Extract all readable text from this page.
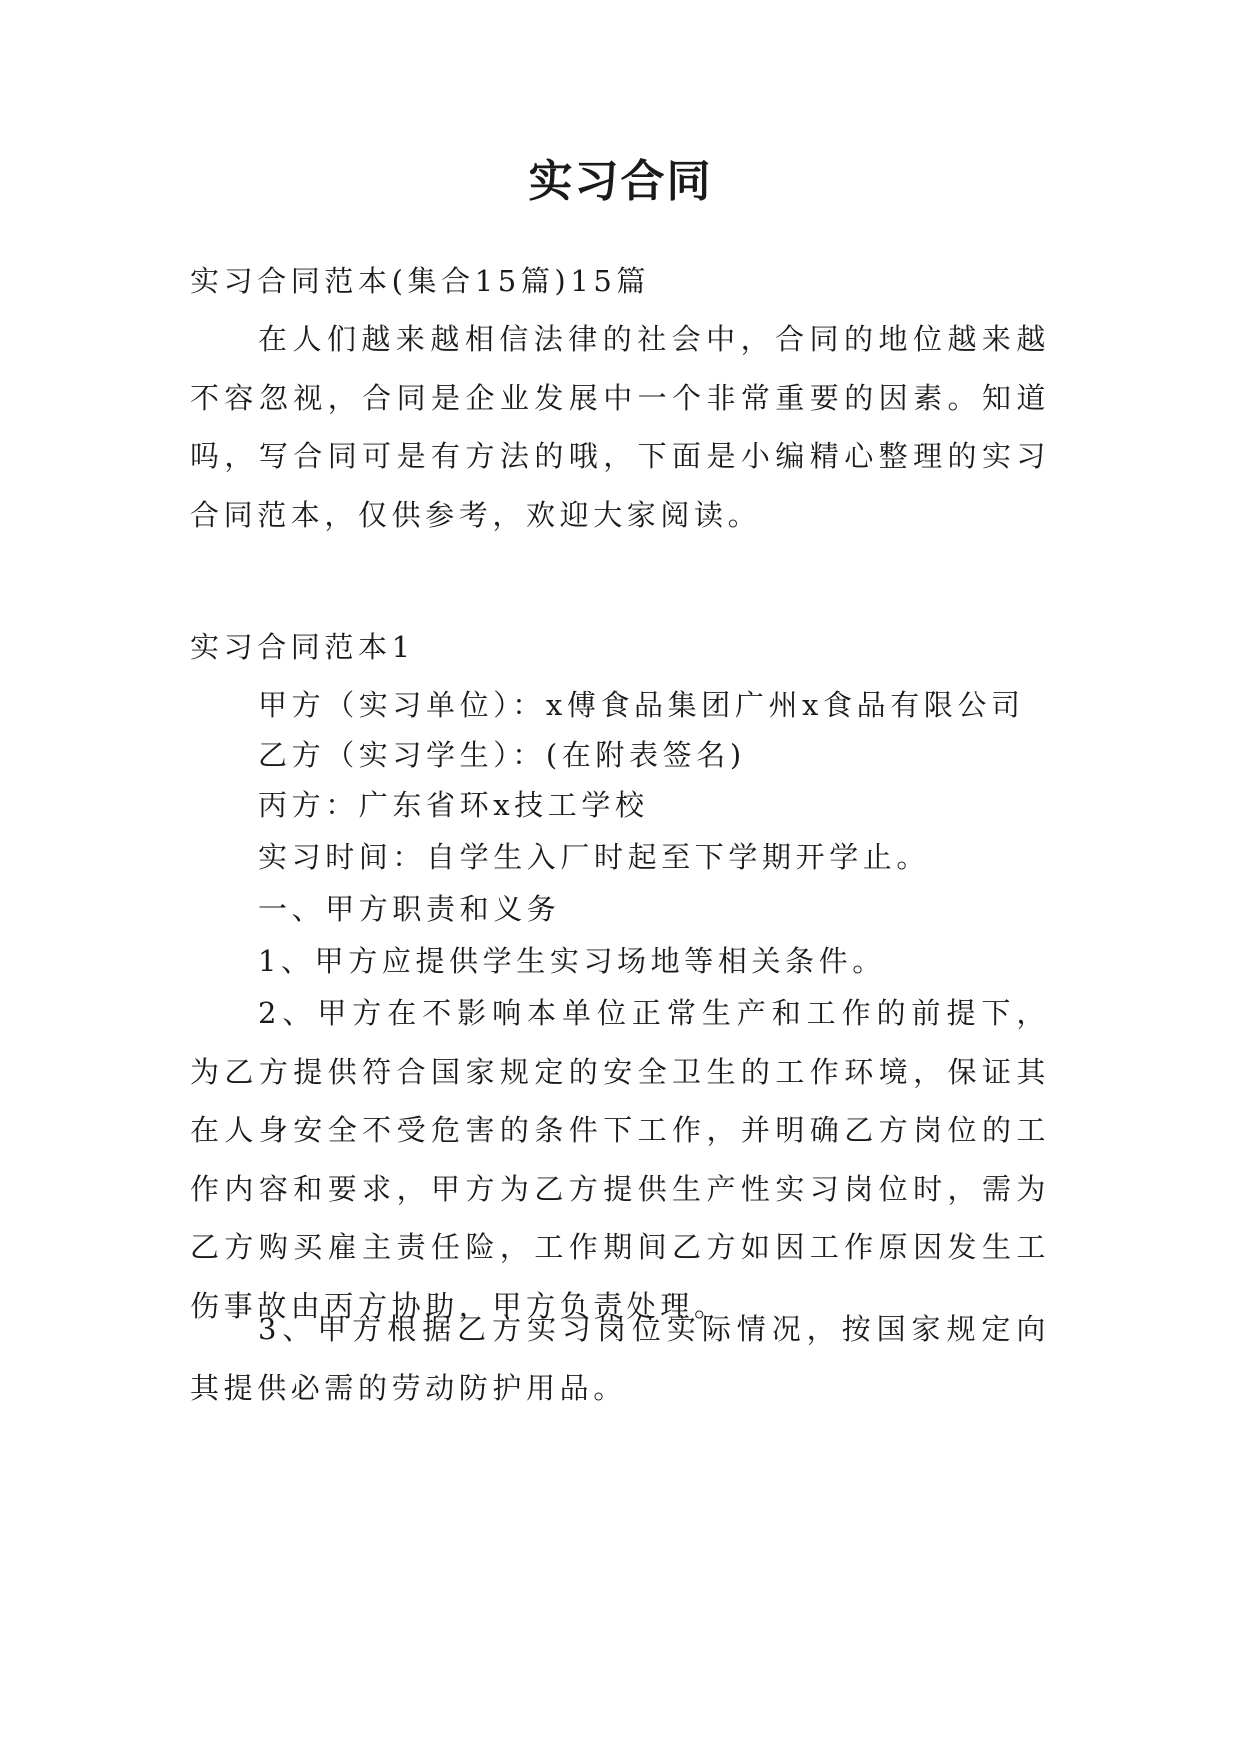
实习合同

实习合同范本(集合15篇)15篇

在人们越来越相信法律的社会中，合同的地位越来越不容忽视，合同是企业发展中一个非常重要的因素。知道吗，写合同可是有方法的哦，下面是小编精心整理的实习合同范本，仅供参考，欢迎大家阅读。

实习合同范本1

甲方（实习单位）：x傅食品集团广州x食品有限公司

乙方（实习学生）：(在附表签名)

丙方：广东省环x技工学校

实习时间：自学生入厂时起至下学期开学止。

一、甲方职责和义务

1、甲方应提供学生实习场地等相关条件。

2、甲方在不影响本单位正常生产和工作的前提下，为乙方提供符合国家规定的安全卫生的工作环境，保证其在人身安全不受危害的条件下工作，并明确乙方岗位的工作内容和要求，甲方为乙方提供生产性实习岗位时，需为乙方购买雇主责任险，工作期间乙方如因工作原因发生工伤事故由丙方协助，甲方负责处理。

3、甲方根据乙方实习岗位实际情况，按国家规定向其提供必需的劳动防护用品。
